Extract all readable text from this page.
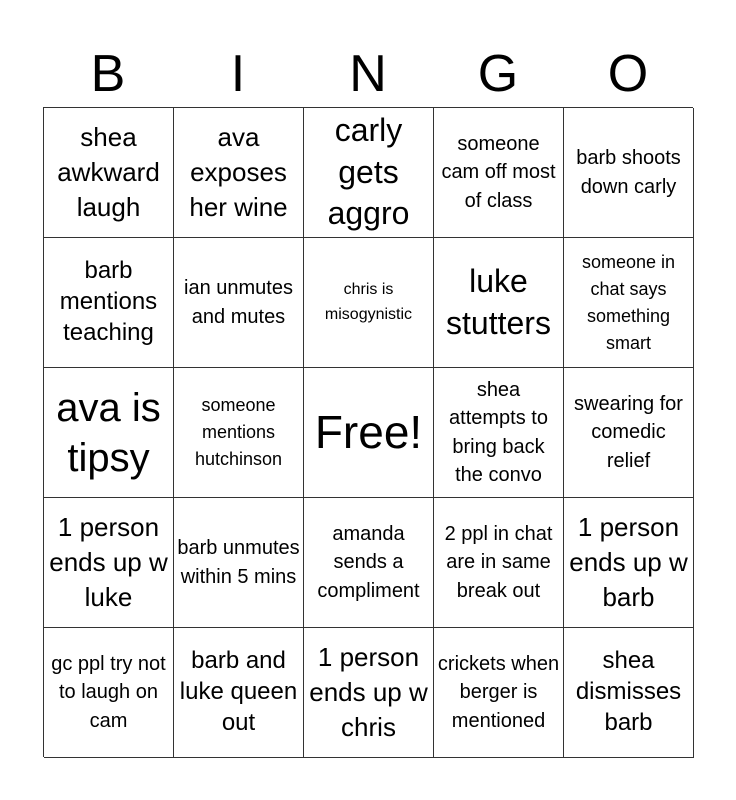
B	I	N	G	O
shea awkward laugh
ava exposes her wine
carly gets aggro
someone cam off most of class
barb shoots down carly
barb mentions teaching
ian unmutes and mutes
chris is misogynistic
luke stutters
someone in chat says something smart
ava is tipsy
someone mentions hutchinson
Free!
shea attempts to bring back the convo
swearing for comedic relief
1 person ends up w luke
barb unmutes within 5 mins
amanda sends a compliment
2 ppl in chat are in same break out
1 person ends up w barb
gc ppl try not to laugh on cam
barb and luke queen out
1 person ends up w chris
crickets when berger is mentioned
shea dismisses barb
